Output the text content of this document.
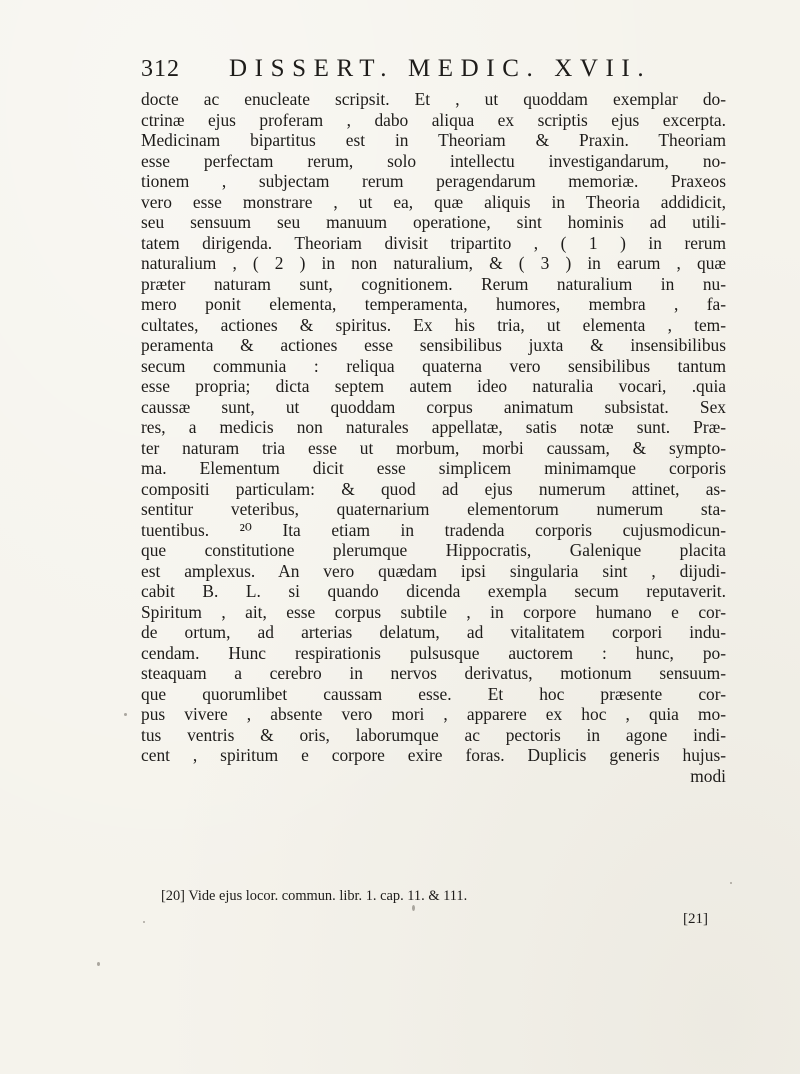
312 DISSERT. MEDIC. XVII.
docte ac enucleate scripsit. Et , ut quoddam exemplar do-
ctrinæ ejus proferam , dabo aliqua ex scriptis ejus excerpta.
Medicinam bipartitus est in Theoriam & Praxin. Theoriam
esse perfectam rerum, solo intellectu investigandarum, no-
tionem , subjectam rerum peragendarum memoriæ. Praxeos
vero esse monstrare , ut ea, quæ aliquis in Theoria addidicit,
seu sensuum seu manuum operatione, sint hominis ad utili-
tatem dirigenda. Theoriam divisit tripartito , ( 1 ) in rerum
naturalium , ( 2 ) in non naturalium, & ( 3 ) in earum , quæ
præter naturam sunt, cognitionem. Rerum naturalium in nu-
mero ponit elementa, temperamenta, humores, membra , fa-
cultates, actiones & spiritus. Ex his tria, ut elementa , tem-
peramenta & actiones esse sensibilibus juxta & insensibilibus
secum communia : reliqua quaterna vero sensibilibus tantum
esse propria; dicta septem autem ideo naturalia vocari, .quia
caussæ sunt, ut quoddam corpus animatum subsistat. Sex
res, a medicis non naturales appellatæ, satis notæ sunt. Præ-
ter naturam tria esse ut morbum, morbi caussam, & sympto-
ma. Elementum dicit esse simplicem minimamque corporis
compositi particulam: & quod ad ejus numerum attinet, as-
sentitur veteribus, quaternarium elementorum numerum sta-
tuentibus. ²⁰ Ita etiam in tradenda corporis cujusmodicun-
que constitutione plerumque Hippocratis, Galenique placita
est amplexus. An vero quædam ipsi singularia sint , dijudi-
cabit B. L. si quando dicenda exempla secum reputaverit.
Spiritum , ait, esse corpus subtile , in corpore humano e cor-
de ortum, ad arterias delatum, ad vitalitatem corpori indu-
cendam. Hunc respirationis pulsusque auctorem : hunc, po-
steaquam a cerebro in nervos derivatus, motionum sensuum-
que quorumlibet caussam esse. Et hoc præsente cor-
pus vivere , absente vero mori , apparere ex hoc , quia mo-
tus ventris & oris, laborumque ac pectoris in agone indi-
cent , spiritum e corpore exire foras. Duplicis generis hujus-
modi
[20] Vide ejus locor. commun. libr. 1. cap. 11. & 111.
[21]
